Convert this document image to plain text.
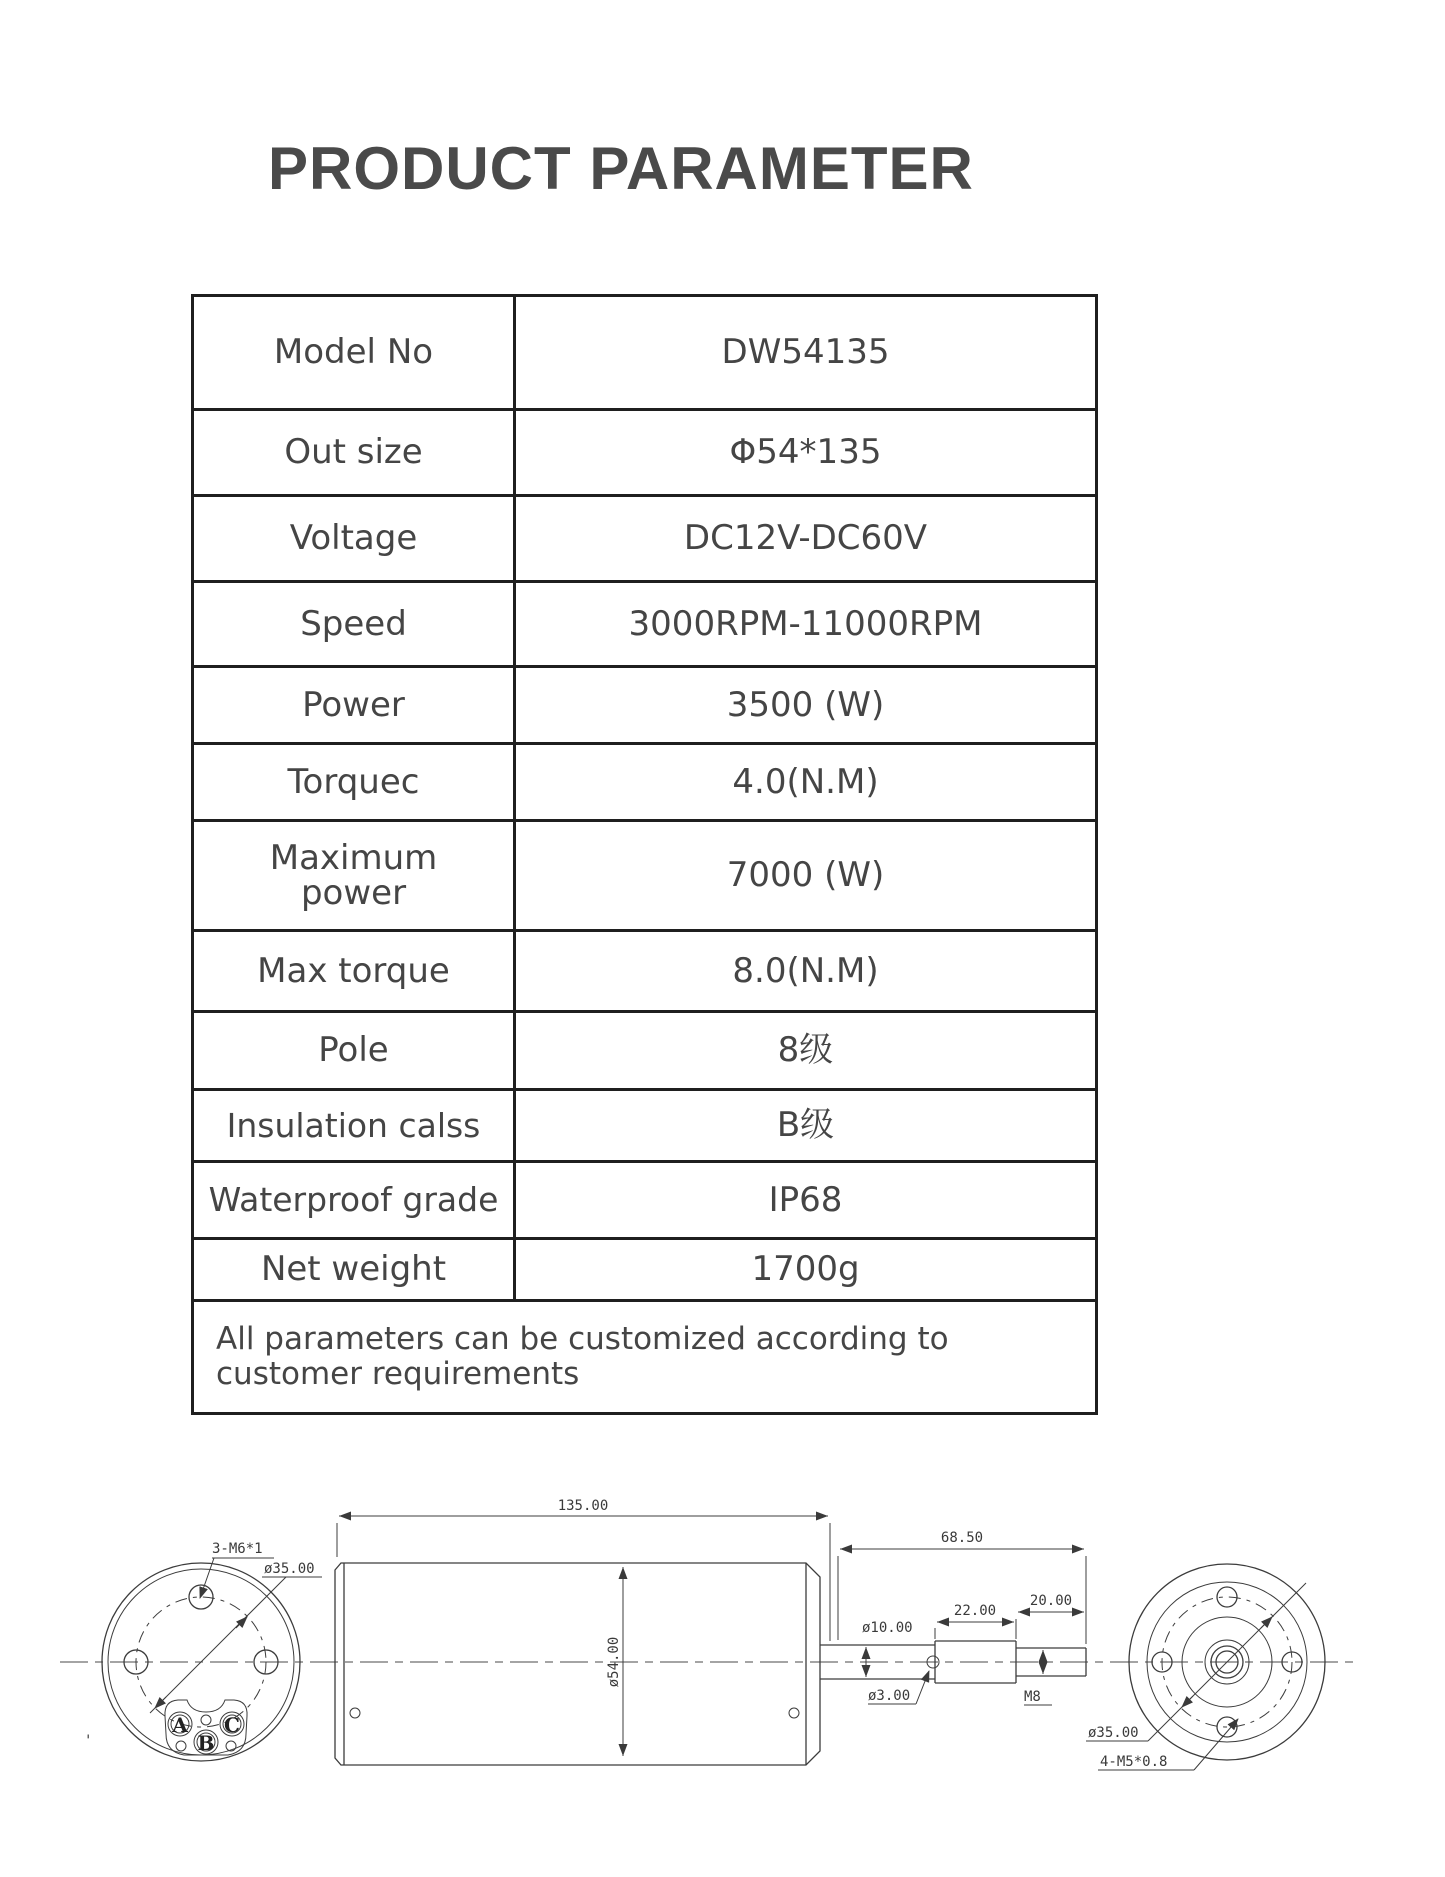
PRODUCT PARAMETER
Model No	DW54135
Out size	Φ54*135
Voltage	DC12V-DC60V
Speed	3000RPM-11000RPM
Power	3500 (W)
Torquec	4.0(N.M)
Maximum power	7000 (W)
Max torque	8.0(N.M)
Pole	8级
Insulation calss	B级
Waterproof grade	IP68
Net weight	1700g
All parameters can be customized according to customer requirements
A
B
C
3-M6*1
ø35.00
'
135.00
ø54.00
68.50
22.00
20.00
ø10.00
ø3.00	M8
ø35.00
4-M5*0.8
